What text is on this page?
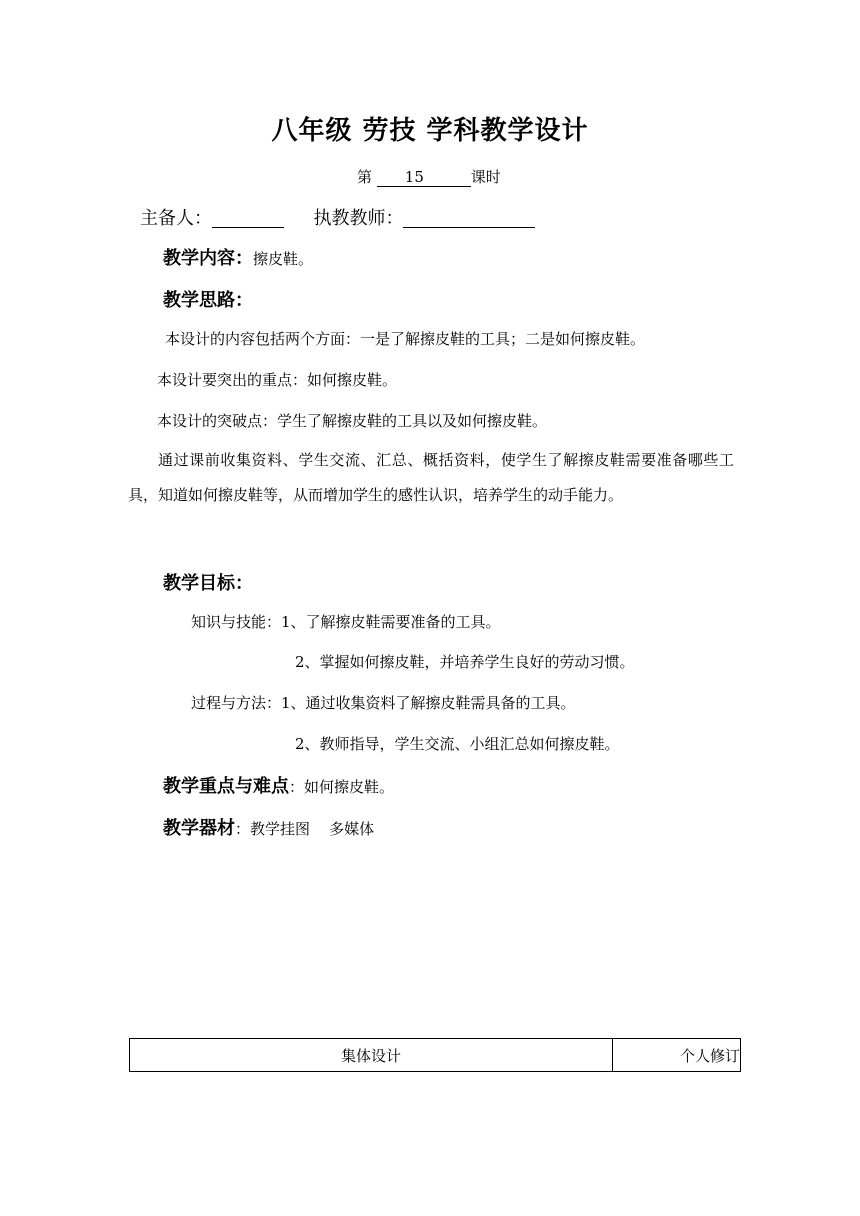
八年级 劳技 学科教学设计
第 15	课时
主备人：	执教教师：
教学内容：擦皮鞋。
教学思路：
本设计的内容包括两个方面：一是了解擦皮鞋的工具；二是如何擦皮鞋。
本设计要突出的重点：如何擦皮鞋。
本设计的突破点：学生了解擦皮鞋的工具以及如何擦皮鞋。
通过课前收集资料、学生交流、汇总、概括资料，使学生了解擦皮鞋需要准备哪些工具，知道如何擦皮鞋等，从而增加学生的感性认识，培养学生的动手能力。
教学目标：
知识与技能：1、了解擦皮鞋需要准备的工具。
2、掌握如何擦皮鞋，并培养学生良好的劳动习惯。
过程与方法：1、通过收集资料了解擦皮鞋需具备的工具。
2、教师指导，学生交流、小组汇总如何擦皮鞋。
教学重点与难点：如何擦皮鞋。
教学器材：教学挂图    多媒体
集体设计	个人修订
